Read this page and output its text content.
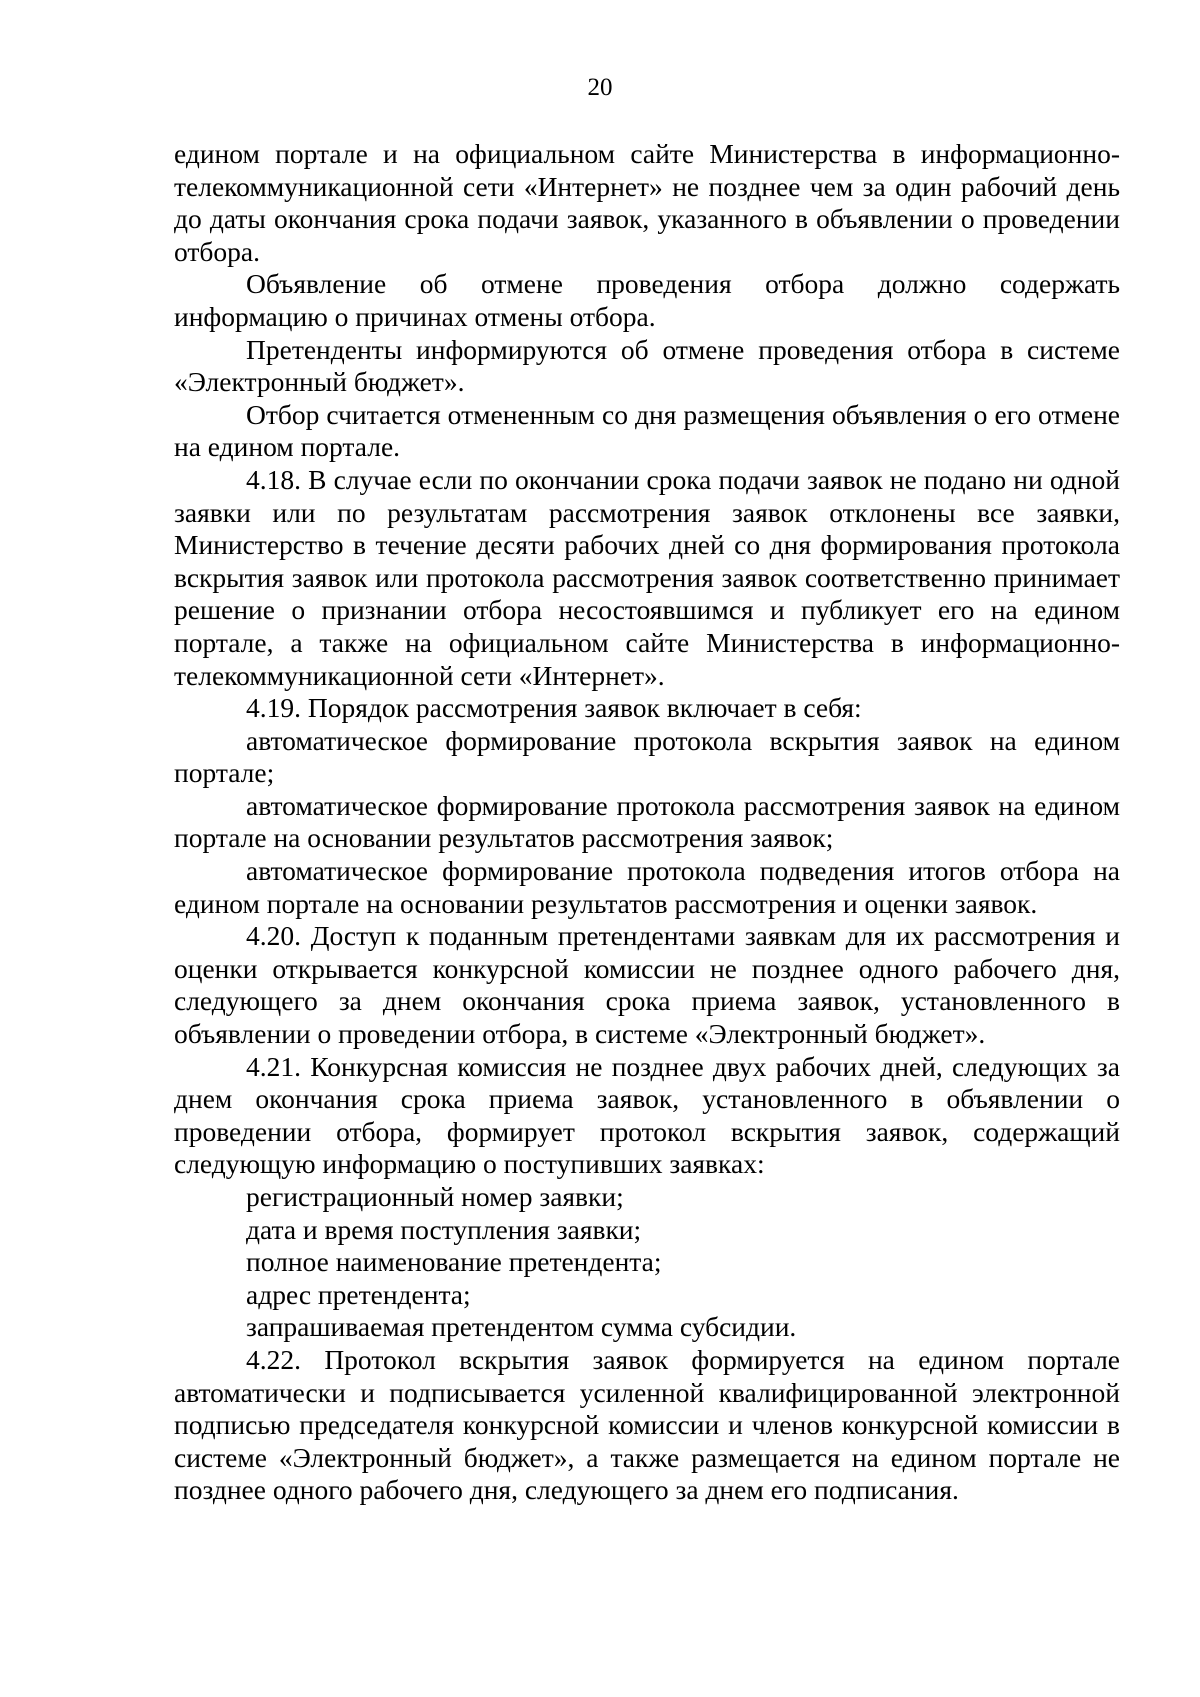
20

едином портале и на официальном сайте Министерства в информационно-телекоммуникационной сети «Интернет» не позднее чем за один рабочий день до даты окончания срока подачи заявок, указанного в объявлении о проведении отбора.

Объявление об отмене проведения отбора должно содержать информацию о причинах отмены отбора.

Претенденты информируются об отмене проведения отбора в системе «Электронный бюджет».

Отбор считается отмененным со дня размещения объявления о его отмене на едином портале.

4.18. В случае если по окончании срока подачи заявок не подано ни одной заявки или по результатам рассмотрения заявок отклонены все заявки, Министерство в течение десяти рабочих дней со дня формирования протокола вскрытия заявок или протокола рассмотрения заявок соответственно принимает решение о признании отбора несостоявшимся и публикует его на едином портале, а также на официальном сайте Министерства в информационно-телекоммуникационной сети «Интернет».

4.19. Порядок рассмотрения заявок включает в себя:

автоматическое формирование протокола вскрытия заявок на едином портале;

автоматическое формирование протокола рассмотрения заявок на едином портале на основании результатов рассмотрения заявок;

автоматическое формирование протокола подведения итогов отбора на едином портале на основании результатов рассмотрения и оценки заявок.

4.20. Доступ к поданным претендентами заявкам для их рассмотрения и оценки открывается конкурсной комиссии не позднее одного рабочего дня, следующего за днем окончания срока приема заявок, установленного в объявлении о проведении отбора, в системе «Электронный бюджет».

4.21. Конкурсная комиссия не позднее двух рабочих дней, следующих за днем окончания срока приема заявок, установленного в объявлении о проведении отбора, формирует протокол вскрытия заявок, содержащий следующую информацию о поступивших заявках:

регистрационный номер заявки;

дата и время поступления заявки;

полное наименование претендента;

адрес претендента;

запрашиваемая претендентом сумма субсидии.

4.22. Протокол вскрытия заявок формируется на едином портале автоматически и подписывается усиленной квалифицированной электронной подписью председателя конкурсной комиссии и членов конкурсной комиссии в системе «Электронный бюджет», а также размещается на едином портале не позднее одного рабочего дня, следующего за днем его подписания.
